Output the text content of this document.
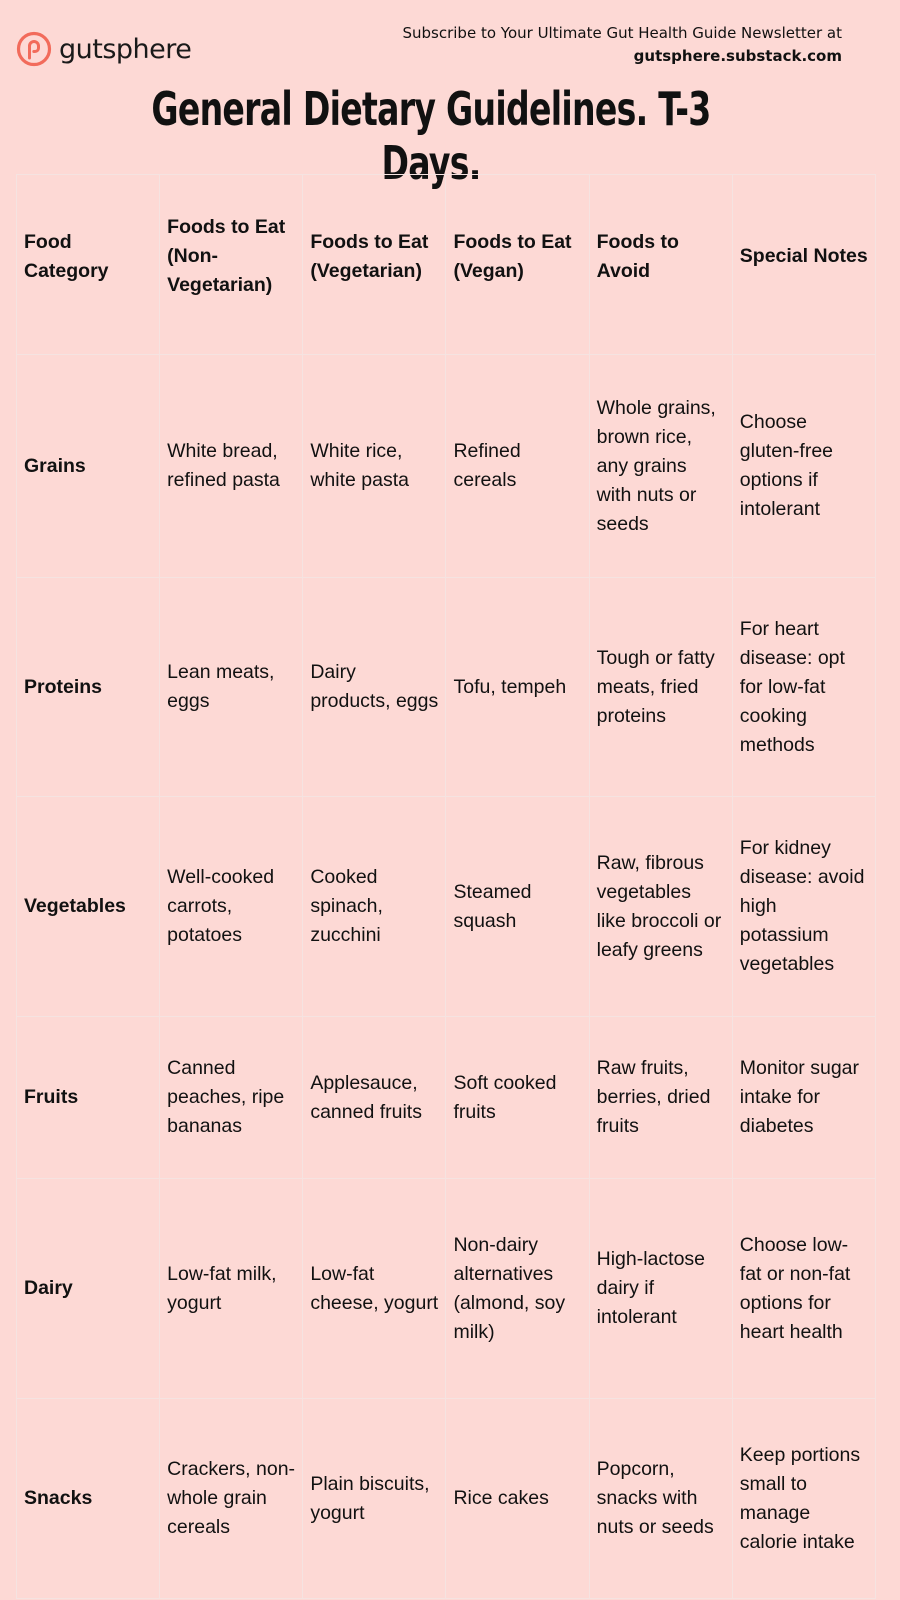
gutsphere
Subscribe to Your Ultimate Gut Health Guide Newsletter at
gutsphere.substack.com
General Dietary Guidelines. T-3 Days.
Food Category	Foods to Eat (Non-Vegetarian)	Foods to Eat (Vegetarian)	Foods to Eat (Vegan)	Foods to Avoid	Special Notes
Grains	White bread, refined pasta	White rice, white pasta	Refined cereals	Whole grains, brown rice, any grains with nuts or seeds	Choose gluten-free options if intolerant
Proteins	Lean meats, eggs	Dairy products, eggs	Tofu, tempeh	Tough or fatty meats, fried proteins	For heart disease: opt for low-fat cooking methods
Vegetables	Well-cooked carrots, potatoes	Cooked spinach, zucchini	Steamed squash	Raw, fibrous vegetables like broccoli or leafy greens	For kidney disease: avoid high potassium vegetables
Fruits	Canned peaches, ripe bananas	Applesauce, canned fruits	Soft cooked fruits	Raw fruits, berries, dried fruits	Monitor sugar intake for diabetes
Dairy	Low-fat milk, yogurt	Low-fat cheese, yogurt	Non-dairy alternatives (almond, soy milk)	High-lactose dairy if intolerant	Choose low-fat or non-fat options for heart health
Snacks	Crackers, non-whole grain cereals	Plain biscuits, yogurt	Rice cakes	Popcorn, snacks with nuts or seeds	Keep portions small to manage calorie intake
